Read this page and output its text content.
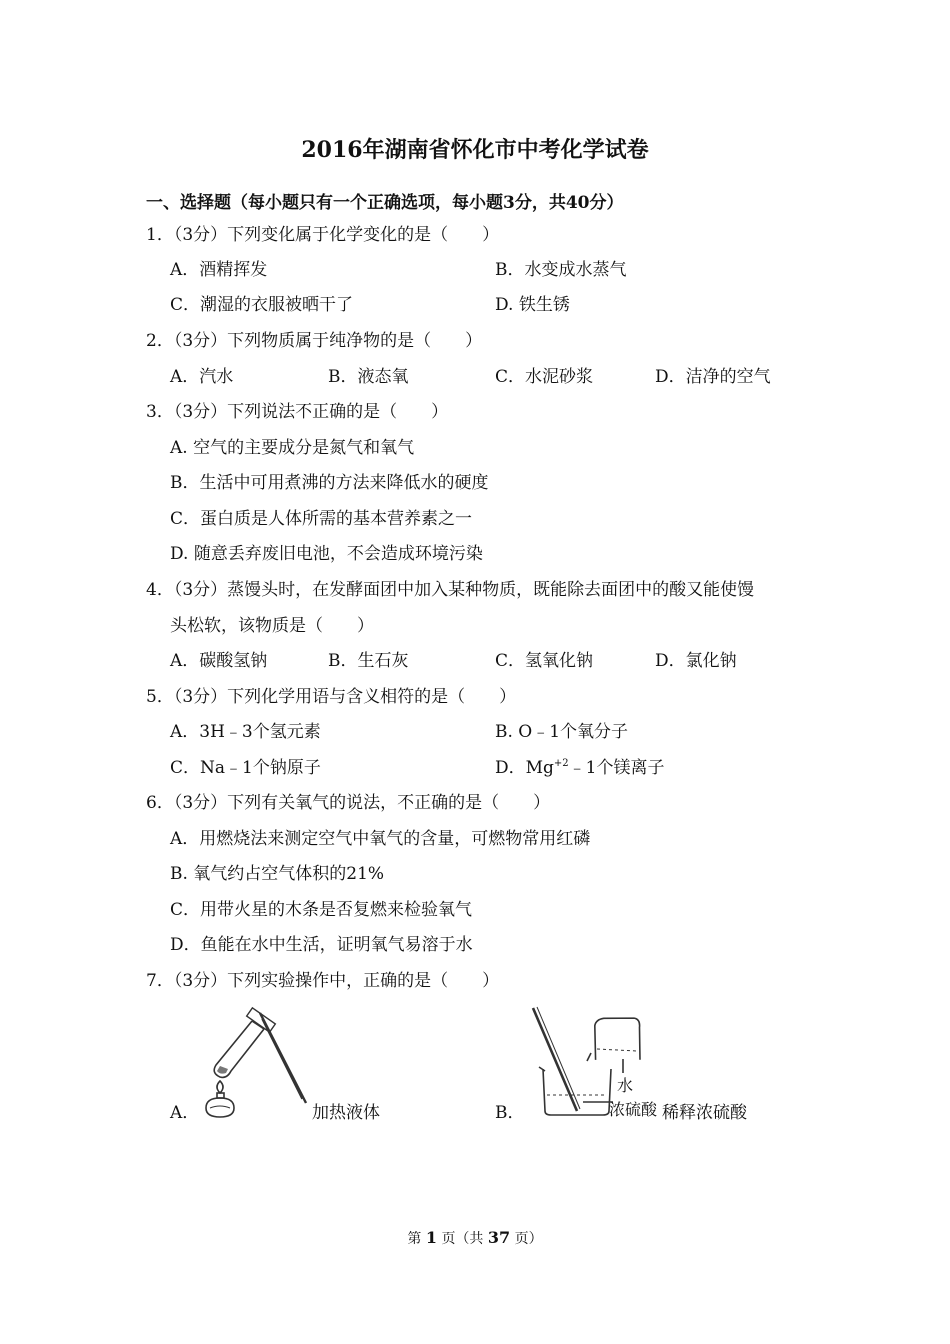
2016年湖南省怀化市中考化学试卷
一、选择题（每小题只有一个正确选项，每小题3分，共40分）
1．（3分）下列变化属于化学变化的是（　　）
A．酒精挥发	B．水变成水蒸气
C．潮湿的衣服被晒干了	D. 铁生锈
2．（3分）下列物质属于纯净物的是（　　）
A．汽水	B．液态氧	C．水泥砂浆	D．洁净的空气
3．（3分）下列说法不正确的是（　　）
A. 空气的主要成分是氮气和氧气
B．生活中可用煮沸的方法来降低水的硬度
C．蛋白质是人体所需的基本营养素之一
D. 随意丢弃废旧电池，不会造成环境污染
4．（3分）蒸馒头时，在发酵面团中加入某种物质，既能除去面团中的酸又能使馒
头松软，该物质是（　　）
A．碳酸氢钠	B．生石灰	C．氢氧化钠	D．氯化钠
5．（3分）下列化学用语与含义相符的是（　　）
A．3H﹣3个氢元素	B. O﹣1个氧分子
C．Na﹣1个钠原子	D．$Mg^{+2}﹣1$个镁离子
6．（3分）下列有关氧气的说法，不正确的是（　　）
A．用燃烧法来测定空气中氧气的含量，可燃物常用红磷
B. 氧气约占空气体积的21%
C．用带火星的木条是否复燃来检验氧气
D．鱼能在水中生活，证明氧气易溶于水
7．（3分）下列实验操作中，正确的是（　　）
A．	加热液体	B．	稀释浓硫酸
水
浓硫酸
第 1 页（共 37 页）
